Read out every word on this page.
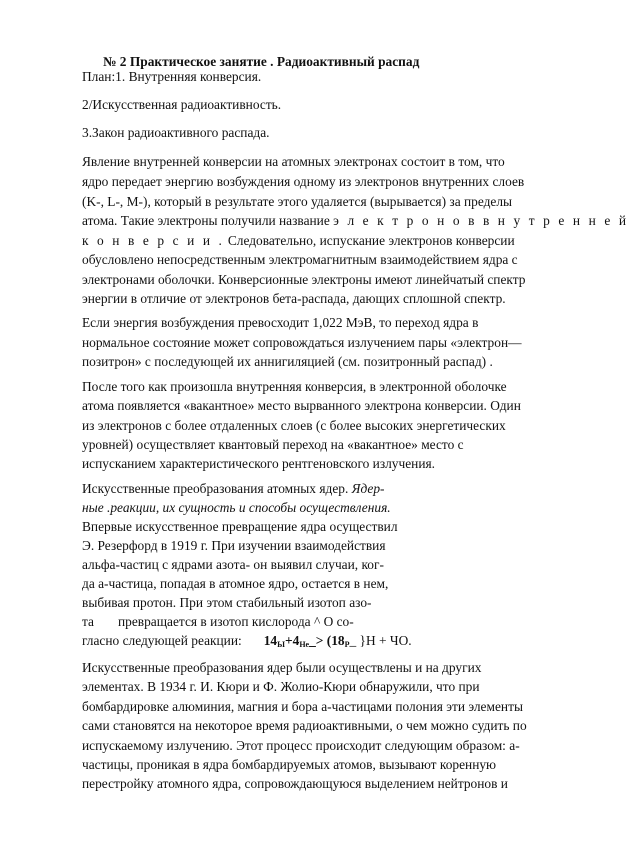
№ 2 Практическое занятие . Радиоактивный распад
План:1. Внутренняя конверсия.
2/Искусственная радиоактивность.
3.Закон радиоактивного распада.
Явление внутренней конверсии на атомных электронах состоит в том, что
ядро передает энергию возбуждения одному из электронов внутренних слоев
(K-, L-, M-), который в результате этого удаляется (вырывается) за пределы
атома. Такие электроны получили название э л е к т р о н о в в н у т р е н н е й
к о н в е р с и и . Следовательно, испускание электронов конверсии
обусловлено непосредственным электромагнитным взаимодействием ядра с
электронами оболочки. Конверсионные электроны имеют линейчатый спектр
энергии в отличие от электронов бета-распада, дающих сплошной спектр.
Если энергия возбуждения превосходит 1,022 МэВ, то переход ядра в
нормальное состояние может сопровождаться излучением пары «электрон—
позитрон» с последующей их аннигиляцией (см. позитронный распад) .
После того как произошла внутренняя конверсия, в электронной оболочке
атома появляется «вакантное» место вырванного электрона конверсии. Один
из электронов с более отдаленных слоев (с более высоких энергетических
уровней) осуществляет квантовый переход на «вакантное» место с
испусканием характеристического рентгеновского излучения.
Искусственные преобразования атомных ядер. Ядер-
ные .реакции, их сущность и способы осуществления.
Впервые искусственное превращение ядра осуществил
Э. Резерфорд в 1919 г. При изучении взаимодействия
альфа-частиц с ядрами азота- он выявил случаи, ког-
да а-частица, попадая в атомное ядро, остается в нем,
выбивая протон. При этом стабильный изотоп азо-
та превращается в изотоп кислорода ^ О со-
гласно следующей реакции: $14_Ы+4_{Не}\_>$ ($18_Р\_$ }Н + ЧО.
Искусственные преобразования ядер были осуществлены и на других
элементах. В 1934 г. И. Кюри и Ф. Жолио-Кюри обнаружили, что при
бомбардировке алюминия, магния и бора а-частицами полония эти элементы
сами становятся на некоторое время радиоактивными, о чем можно судить по
испускаемому излучению. Этот процесс происходит следующим образом: а-
частицы, проникая в ядра бомбардируемых атомов, вызывают коренную
перестройку атомного ядра, сопровождающуюся выделением нейтронов и
